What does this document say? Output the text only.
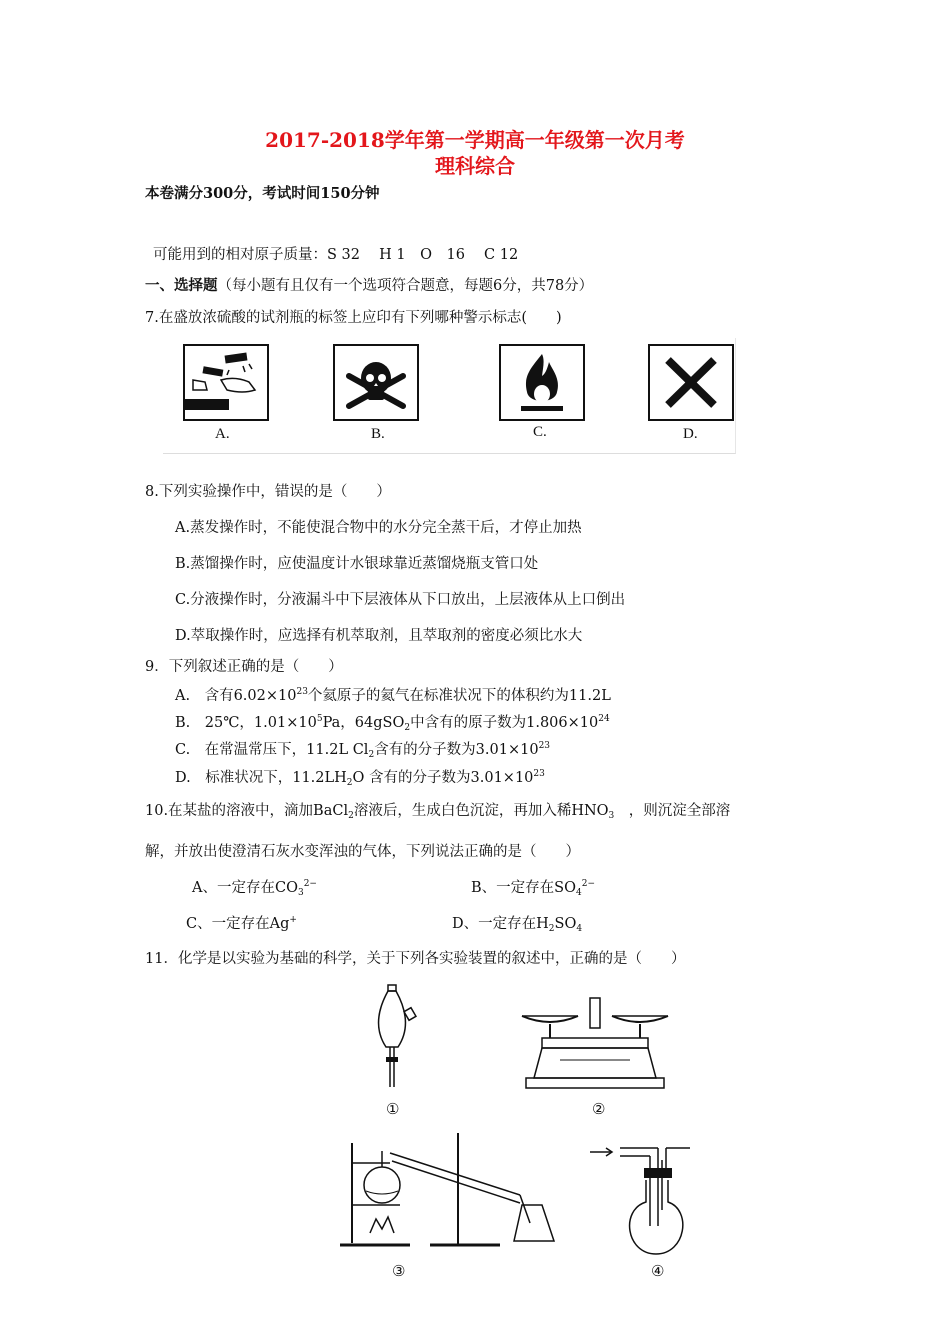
2017-2018学年第一学期高一年级第一次月考
理科综合
本卷满分300分，考试时间150分钟
可能用到的相对原子质量：S 32　 H 1　O　16　 C 12
一、选择题（每小题有且仅有一个选项符合题意，每题6分，共78分）
7.在盛放浓硫酸的试剂瓶的标签上应印有下列哪种警示标志(　　)
A.	B.	C.	D.
8.下列实验操作中，错误的是（　　）
A.蒸发操作时，不能使混合物中的水分完全蒸干后，才停止加热
B.蒸馏操作时，应使温度计水银球靠近蒸馏烧瓶支管口处
C.分液操作时，分液漏斗中下层液体从下口放出，上层液体从上口倒出
D.萃取操作时，应选择有机萃取剂，且萃取剂的密度必须比水大
9．下列叙述正确的是（　　）
A.　含有$6.02\times 10^{23}$个氦原子的氦气在标准状况下的体积约为11.2L
B.　25℃，$1.01\times 10^5Pa$，64gSO$_2$中含有的原子数为$1.806\times 10^{24}$
C.　在常温常压下，11.2L $Cl_2$含有的分子数为$3.01\times 10^{23}$
D.　标准状况下，$11.2LH_2O$ 含有的分子数为$3.01\times 10^{23}$
10.在某盐的溶液中，滴加BaCl$_2$溶液后，生成白色沉淀，再加入稀$HNO_3$　，则沉淀全部溶
解，并放出使澄清石灰水变浑浊的气体，下列说法正确的是（　　）
A、一定存在$CO_3^{2-}$	B、一定存在$SO_4^{2-}$
C、一定存在Ag+	D、一定存在$H_2SO_4$
11．化学是以实验为基础的科学，关于下列各实验装置的叙述中，正确的是（　　）
①	②
③	④
